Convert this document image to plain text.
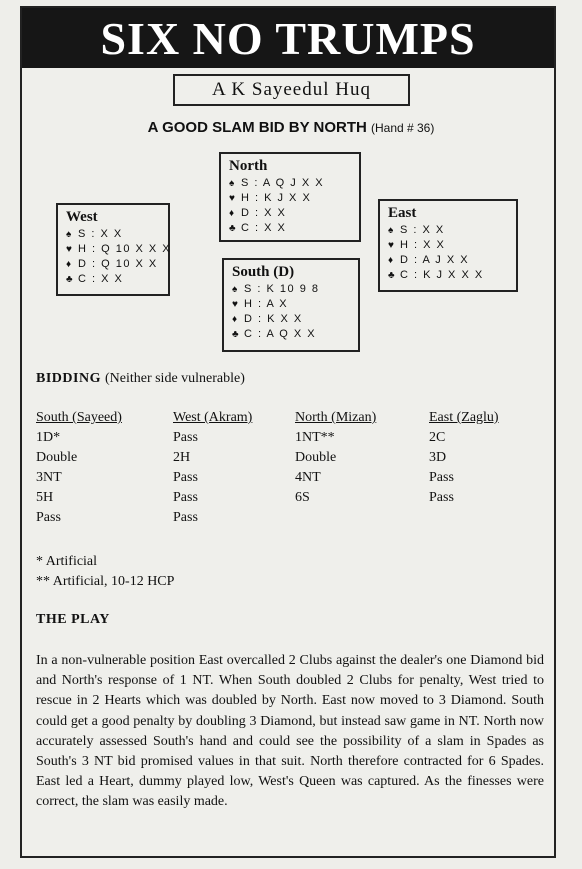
SIX NO TRUMPS
A K Sayeedul Huq
A GOOD SLAM BID BY NORTH (Hand # 36)
North
♠ S : A Q J X X
♥ H : K J X X
♦ D : X X
♣ C : X X
West
♠ S : X X
♥ H : Q 10 X X X
♦ D : Q 10 X X
♣ C : X X
East
♠ S : X X
♥ H : X X
♦ D : A J X X
♣ C : K J X X X
South (D)
♠ S : K 10 9 8
♥ H : A X
♦ D : K X X
♣ C : A Q X X
BIDDING (Neither side vulnerable)
South (Sayeed)
1D*
Double
3NT
5H
Pass
West (Akram)
Pass
2H
Pass
Pass
Pass
North (Mizan)
1NT**
Double
4NT
6S
East (Zaglu)
2C
3D
Pass
Pass
* Artificial
** Artificial, 10-12 HCP
THE PLAY
In a non-vulnerable position East overcalled 2 Clubs against the dealer's one Diamond bid and North's response of 1 NT. When South doubled 2 Clubs for penalty, West tried to rescue in 2 Hearts which was doubled by North. East now moved to 3 Diamond. South could get a good penalty by doubling 3 Diamond, but instead saw game in NT. North now accurately assessed South's hand and could see the possibility of a slam in Spades as South's 3 NT bid promised values in that suit. North therefore contracted for 6 Spades. East led a Heart, dummy played low, West's Queen was captured. As the finesses were correct, the slam was easily made.
